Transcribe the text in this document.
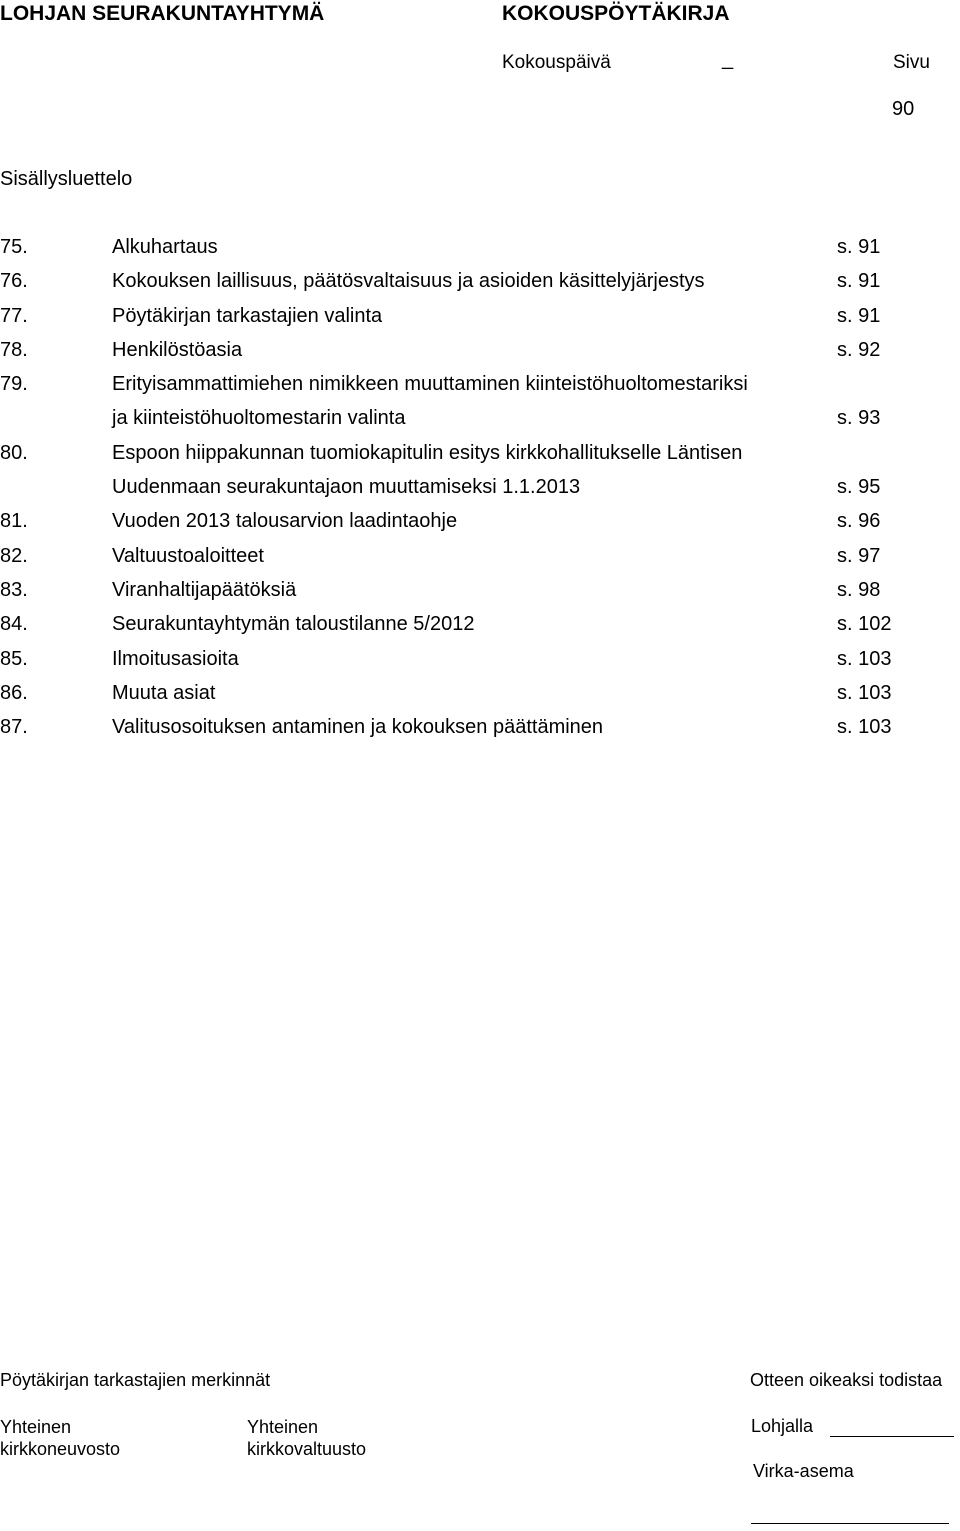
LOHJAN SEURAKUNTAYHTYMÄ	KOKOUSPÖYTÄKIRJA
Kokouspäivä	_	Sivu
90
Sisällysluettelo
75.	Alkuhartaus	s. 91
76.	Kokouksen laillisuus, päätösvaltaisuus ja asioiden käsittelyjärjestys	s. 91
77.	Pöytäkirjan tarkastajien valinta	s. 91
78.	Henkilöstöasia	s. 92
79.	Erityisammattimiehen nimikkeen muuttaminen kiinteistöhuoltomestariksi
ja kiinteistöhuoltomestarin valinta	s. 93
80.	Espoon hiippakunnan tuomiokapitulin esitys kirkkohallitukselle Läntisen
Uudenmaan seurakuntajaon muuttamiseksi 1.1.2013	s. 95
81.	Vuoden 2013 talousarvion laadintaohje	s. 96
82.	Valtuustoaloitteet	s. 97
83.	Viranhaltijapäätöksiä	s. 98
84.	Seurakuntayhtymän taloustilanne 5/2012	s. 102
85.	Ilmoitusasioita	s. 103
86.	Muuta asiat	s. 103
87.	Valitusosoituksen antaminen ja kokouksen päättäminen	s. 103
Pöytäkirjan tarkastajien merkinnät	Otteen oikeaksi todistaa
Yhteinen
kirkkoneuvosto
Yhteinen
kirkkovaltuusto
Lohjalla
Virka-asema
